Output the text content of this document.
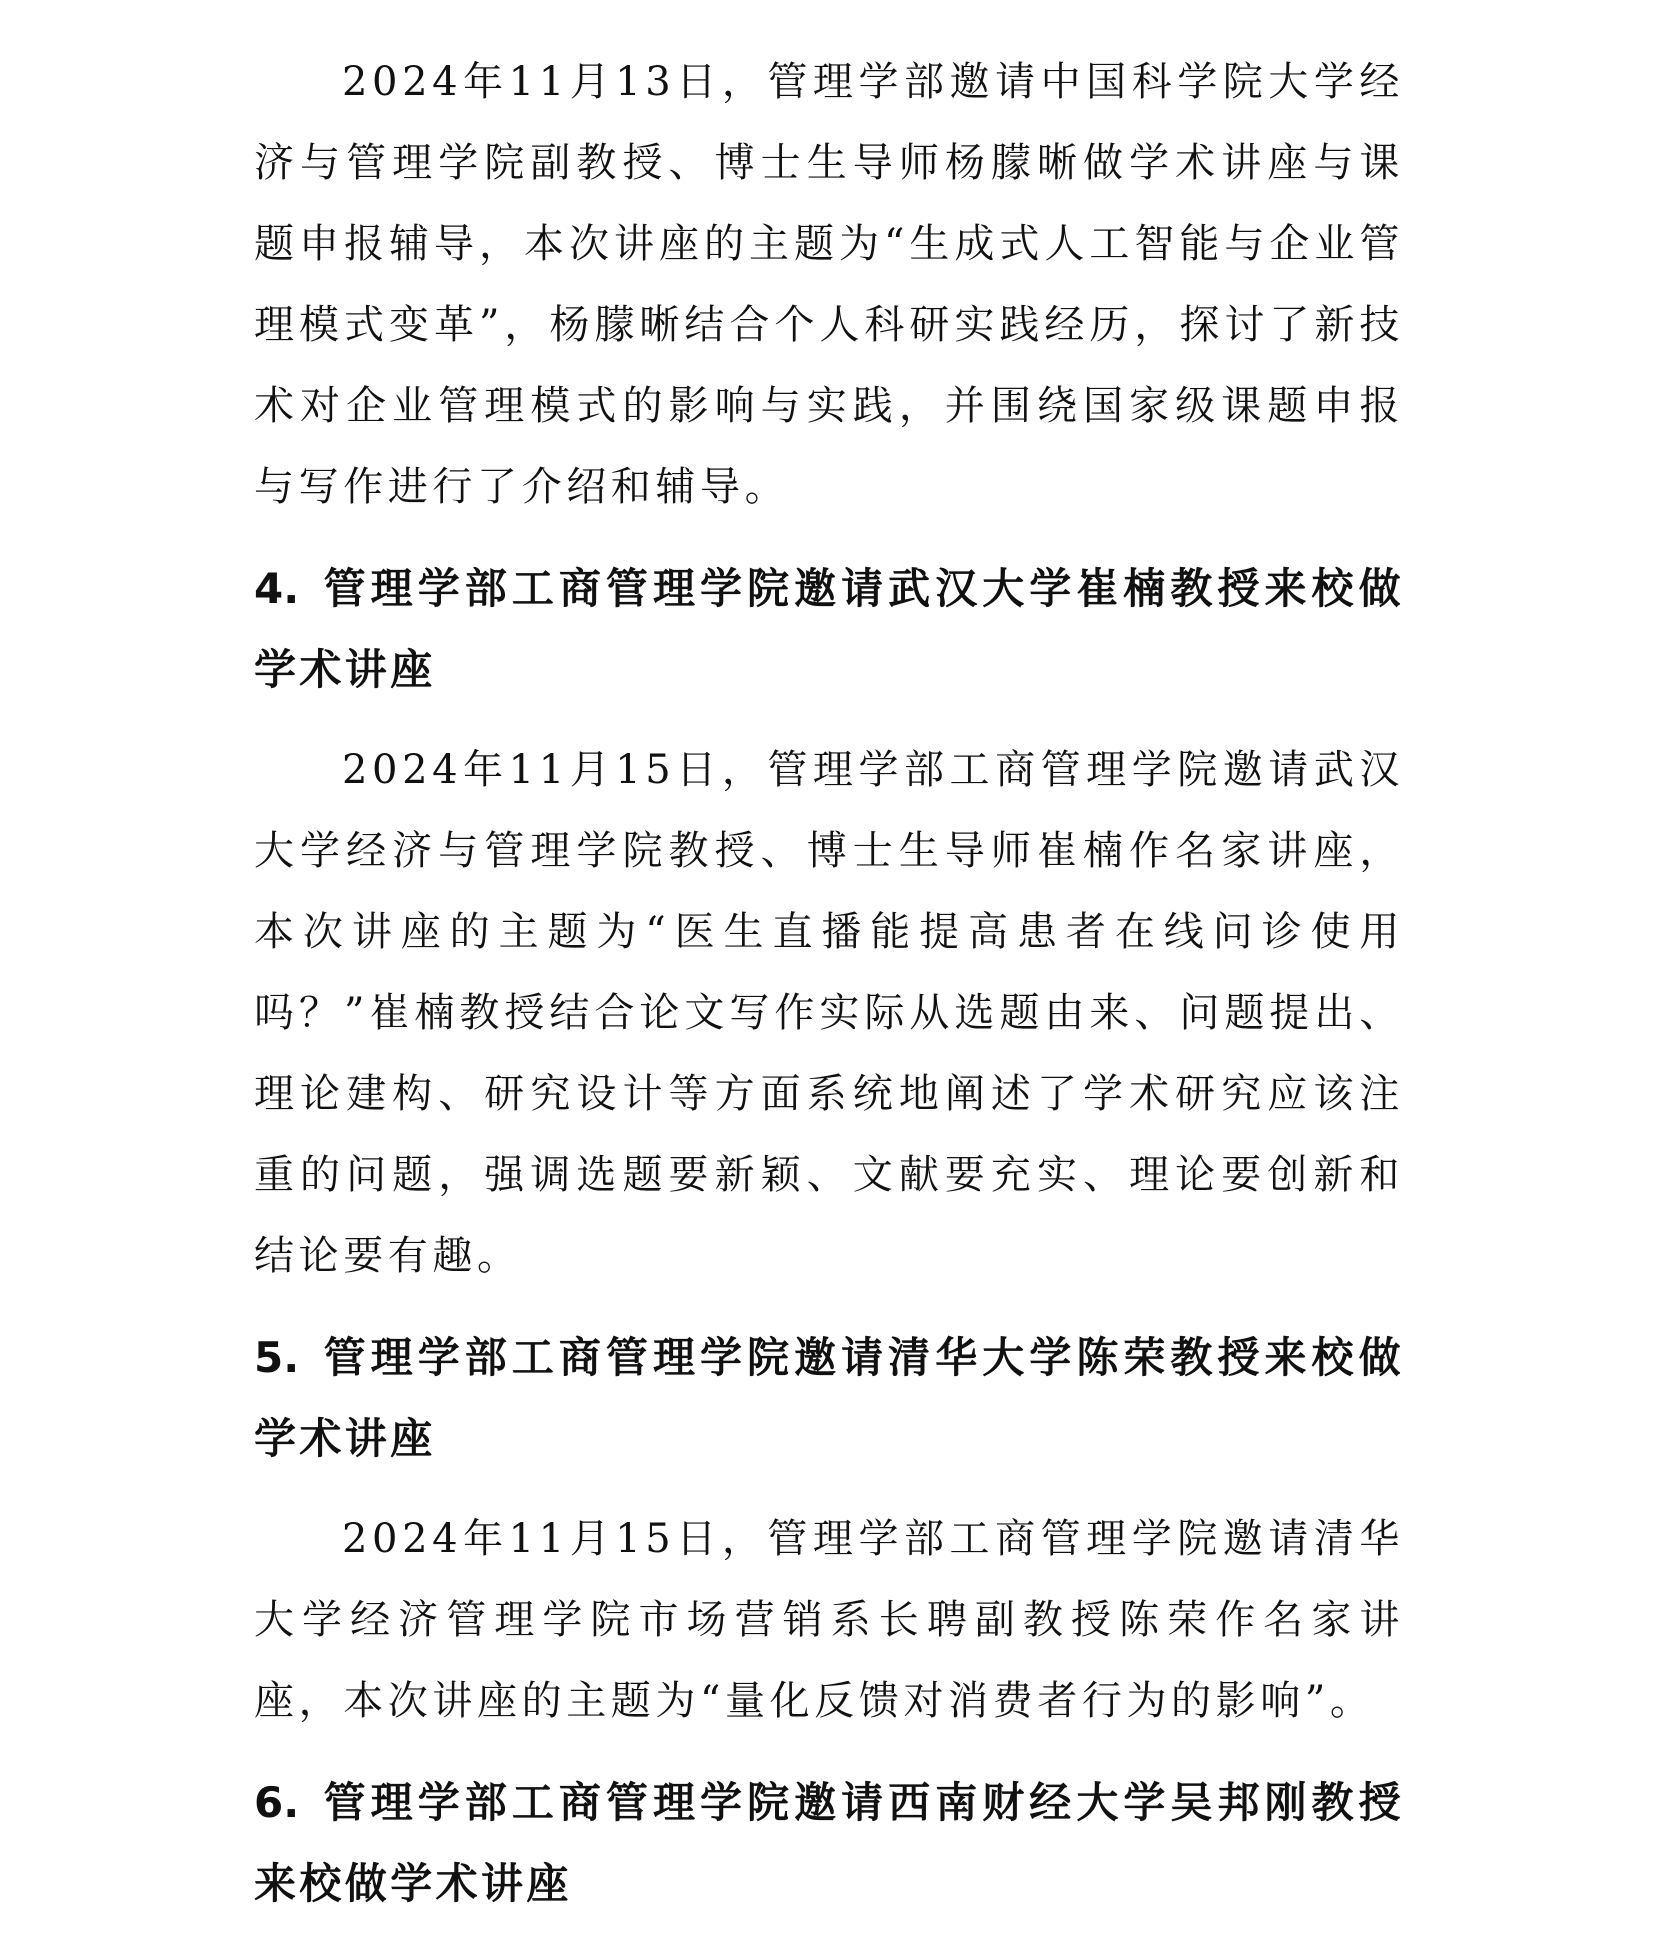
2024年11月13日，管理学部邀请中国科学院大学经济与管理学院副教授、博士生导师杨朦晰做学术讲座与课题申报辅导，本次讲座的主题为“生成式人工智能与企业管理模式变革”，杨朦晰结合个人科研实践经历，探讨了新技术对企业管理模式的影响与实践，并围绕国家级课题申报与写作进行了介绍和辅导。

4. 管理学部工商管理学院邀请武汉大学崔楠教授来校做学术讲座

2024年11月15日，管理学部工商管理学院邀请武汉大学经济与管理学院教授、博士生导师崔楠作名家讲座，本次讲座的主题为“医生直播能提高患者在线问诊使用吗？”崔楠教授结合论文写作实际从选题由来、问题提出、理论建构、研究设计等方面系统地阐述了学术研究应该注重的问题，强调选题要新颖、文献要充实、理论要创新和结论要有趣。

5. 管理学部工商管理学院邀请清华大学陈荣教授来校做学术讲座

2024年11月15日，管理学部工商管理学院邀请清华大学经济管理学院市场营销系长聘副教授陈荣作名家讲座，本次讲座的主题为“量化反馈对消费者行为的影响”。

6. 管理学部工商管理学院邀请西南财经大学吴邦刚教授来校做学术讲座
